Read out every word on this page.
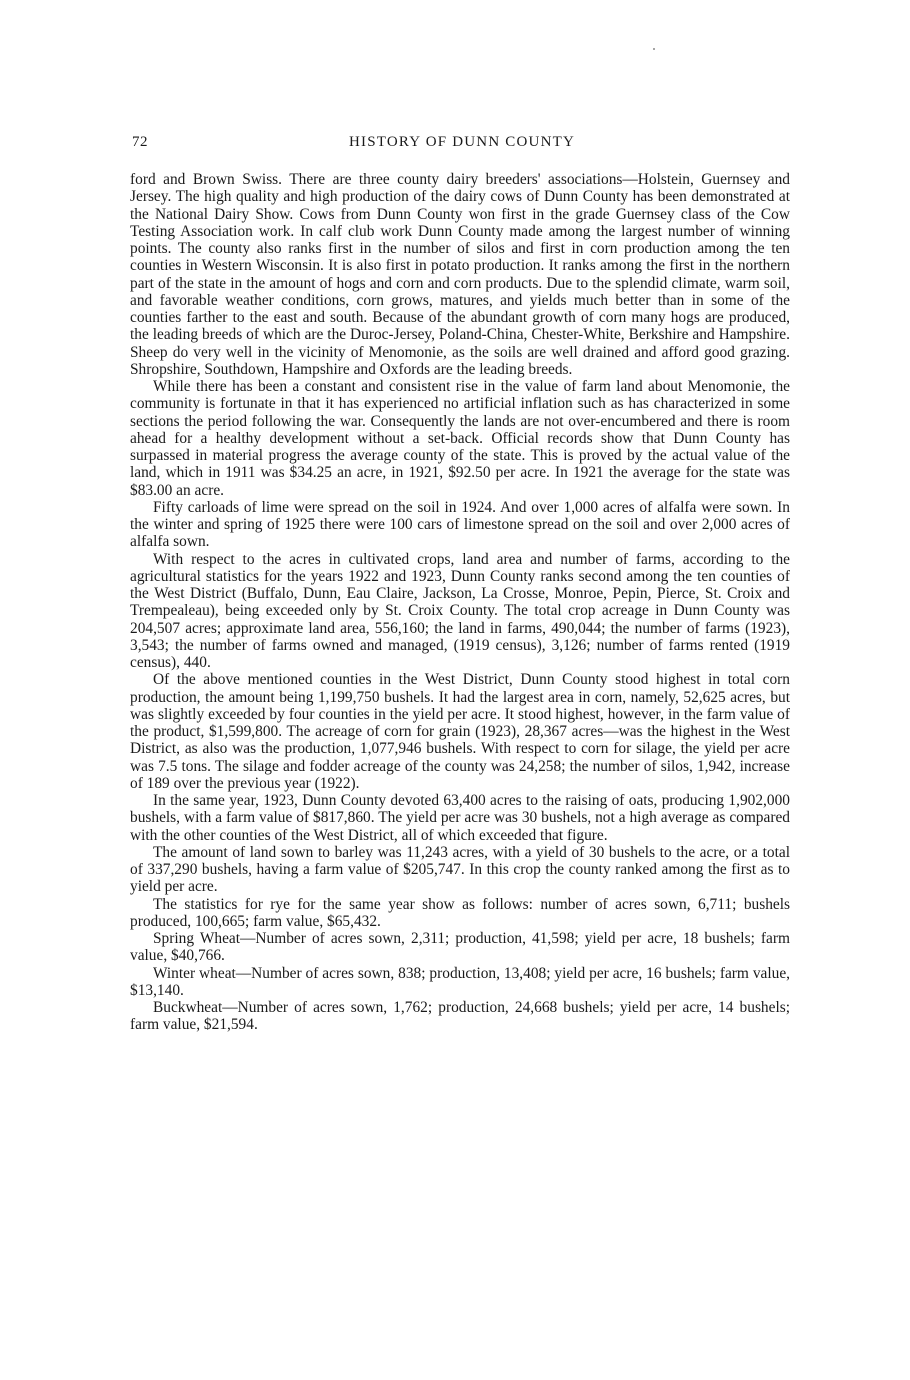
72	HISTORY OF DUNN COUNTY

ford and Brown Swiss. There are three county dairy breeders' associations—Holstein, Guernsey and Jersey. The high quality and high production of the dairy cows of Dunn County has been demonstrated at the National Dairy Show. Cows from Dunn County won first in the grade Guernsey class of the Cow Testing Association work. In calf club work Dunn County made among the largest number of winning points. The county also ranks first in the number of silos and first in corn production among the ten counties in Western Wisconsin. It is also first in potato production. It ranks among the first in the northern part of the state in the amount of hogs and corn and corn products. Due to the splendid climate, warm soil, and favorable weather conditions, corn grows, matures, and yields much better than in some of the counties farther to the east and south. Because of the abundant growth of corn many hogs are produced, the leading breeds of which are the Duroc-Jersey, Poland-China, Chester-White, Berkshire and Hampshire. Sheep do very well in the vicinity of Menomonie, as the soils are well drained and afford good grazing. Shropshire, Southdown, Hampshire and Oxfords are the leading breeds.

While there has been a constant and consistent rise in the value of farm land about Menomonie, the community is fortunate in that it has experienced no artificial inflation such as has characterized in some sections the period following the war. Consequently the lands are not over-encumbered and there is room ahead for a healthy development without a set-back. Official records show that Dunn County has surpassed in material progress the average county of the state. This is proved by the actual value of the land, which in 1911 was $34.25 an acre, in 1921, $92.50 per acre. In 1921 the average for the state was $83.00 an acre.

Fifty carloads of lime were spread on the soil in 1924. And over 1,000 acres of alfalfa were sown. In the winter and spring of 1925 there were 100 cars of limestone spread on the soil and over 2,000 acres of alfalfa sown.

With respect to the acres in cultivated crops, land area and number of farms, according to the agricultural statistics for the years 1922 and 1923, Dunn County ranks second among the ten counties of the West District (Buffalo, Dunn, Eau Claire, Jackson, La Crosse, Monroe, Pepin, Pierce, St. Croix and Trempealeau), being exceeded only by St. Croix County. The total crop acreage in Dunn County was 204,507 acres; approximate land area, 556,160; the land in farms, 490,044; the number of farms (1923), 3,543; the number of farms owned and managed, (1919 census), 3,126; number of farms rented (1919 census), 440.

Of the above mentioned counties in the West District, Dunn County stood highest in total corn production, the amount being 1,199,750 bushels. It had the largest area in corn, namely, 52,625 acres, but was slightly exceeded by four counties in the yield per acre. It stood highest, however, in the farm value of the product, $1,599,800. The acreage of corn for grain (1923), 28,367 acres—was the highest in the West District, as also was the production, 1,077,946 bushels. With respect to corn for silage, the yield per acre was 7.5 tons. The silage and fodder acreage of the county was 24,258; the number of silos, 1,942, increase of 189 over the previous year (1922).

In the same year, 1923, Dunn County devoted 63,400 acres to the raising of oats, producing 1,902,000 bushels, with a farm value of $817,860. The yield per acre was 30 bushels, not a high average as compared with the other counties of the West District, all of which exceeded that figure.

The amount of land sown to barley was 11,243 acres, with a yield of 30 bushels to the acre, or a total of 337,290 bushels, having a farm value of $205,747. In this crop the county ranked among the first as to yield per acre.

The statistics for rye for the same year show as follows: number of acres sown, 6,711; bushels produced, 100,665; farm value, $65,432.

Spring Wheat—Number of acres sown, 2,311; production, 41,598; yield per acre, 18 bushels; farm value, $40,766.

Winter wheat—Number of acres sown, 838; production, 13,408; yield per acre, 16 bushels; farm value, $13,140.

Buckwheat—Number of acres sown, 1,762; production, 24,668 bushels; yield per acre, 14 bushels; farm value, $21,594.
